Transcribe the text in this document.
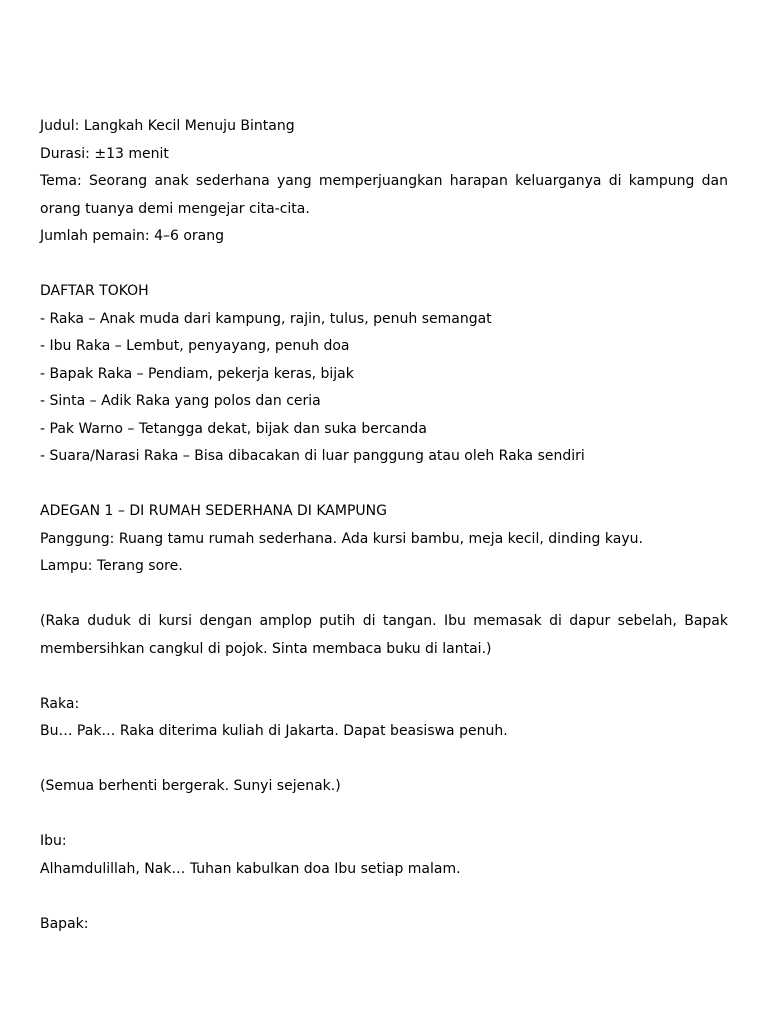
Judul: Langkah Kecil Menuju Bintang

Durasi: ±13 menit

Tema: Seorang anak sederhana yang memperjuangkan harapan keluarganya di kampung dan orang tuanya demi mengejar cita-cita.

Jumlah pemain: 4–6 orang

DAFTAR TOKOH

- Raka – Anak muda dari kampung, rajin, tulus, penuh semangat

- Ibu Raka – Lembut, penyayang, penuh doa

- Bapak Raka – Pendiam, pekerja keras, bijak

- Sinta – Adik Raka yang polos dan ceria

- Pak Warno – Tetangga dekat, bijak dan suka bercanda

- Suara/Narasi Raka – Bisa dibacakan di luar panggung atau oleh Raka sendiri

ADEGAN 1 – DI RUMAH SEDERHANA DI KAMPUNG

Panggung: Ruang tamu rumah sederhana. Ada kursi bambu, meja kecil, dinding kayu.

Lampu: Terang sore.

(Raka duduk di kursi dengan amplop putih di tangan. Ibu memasak di dapur sebelah, Bapak membersihkan cangkul di pojok. Sinta membaca buku di lantai.)

Raka:

Bu… Pak… Raka diterima kuliah di Jakarta. Dapat beasiswa penuh.

(Semua berhenti bergerak. Sunyi sejenak.)

Ibu:

Alhamdulillah, Nak… Tuhan kabulkan doa Ibu setiap malam.

Bapak:
